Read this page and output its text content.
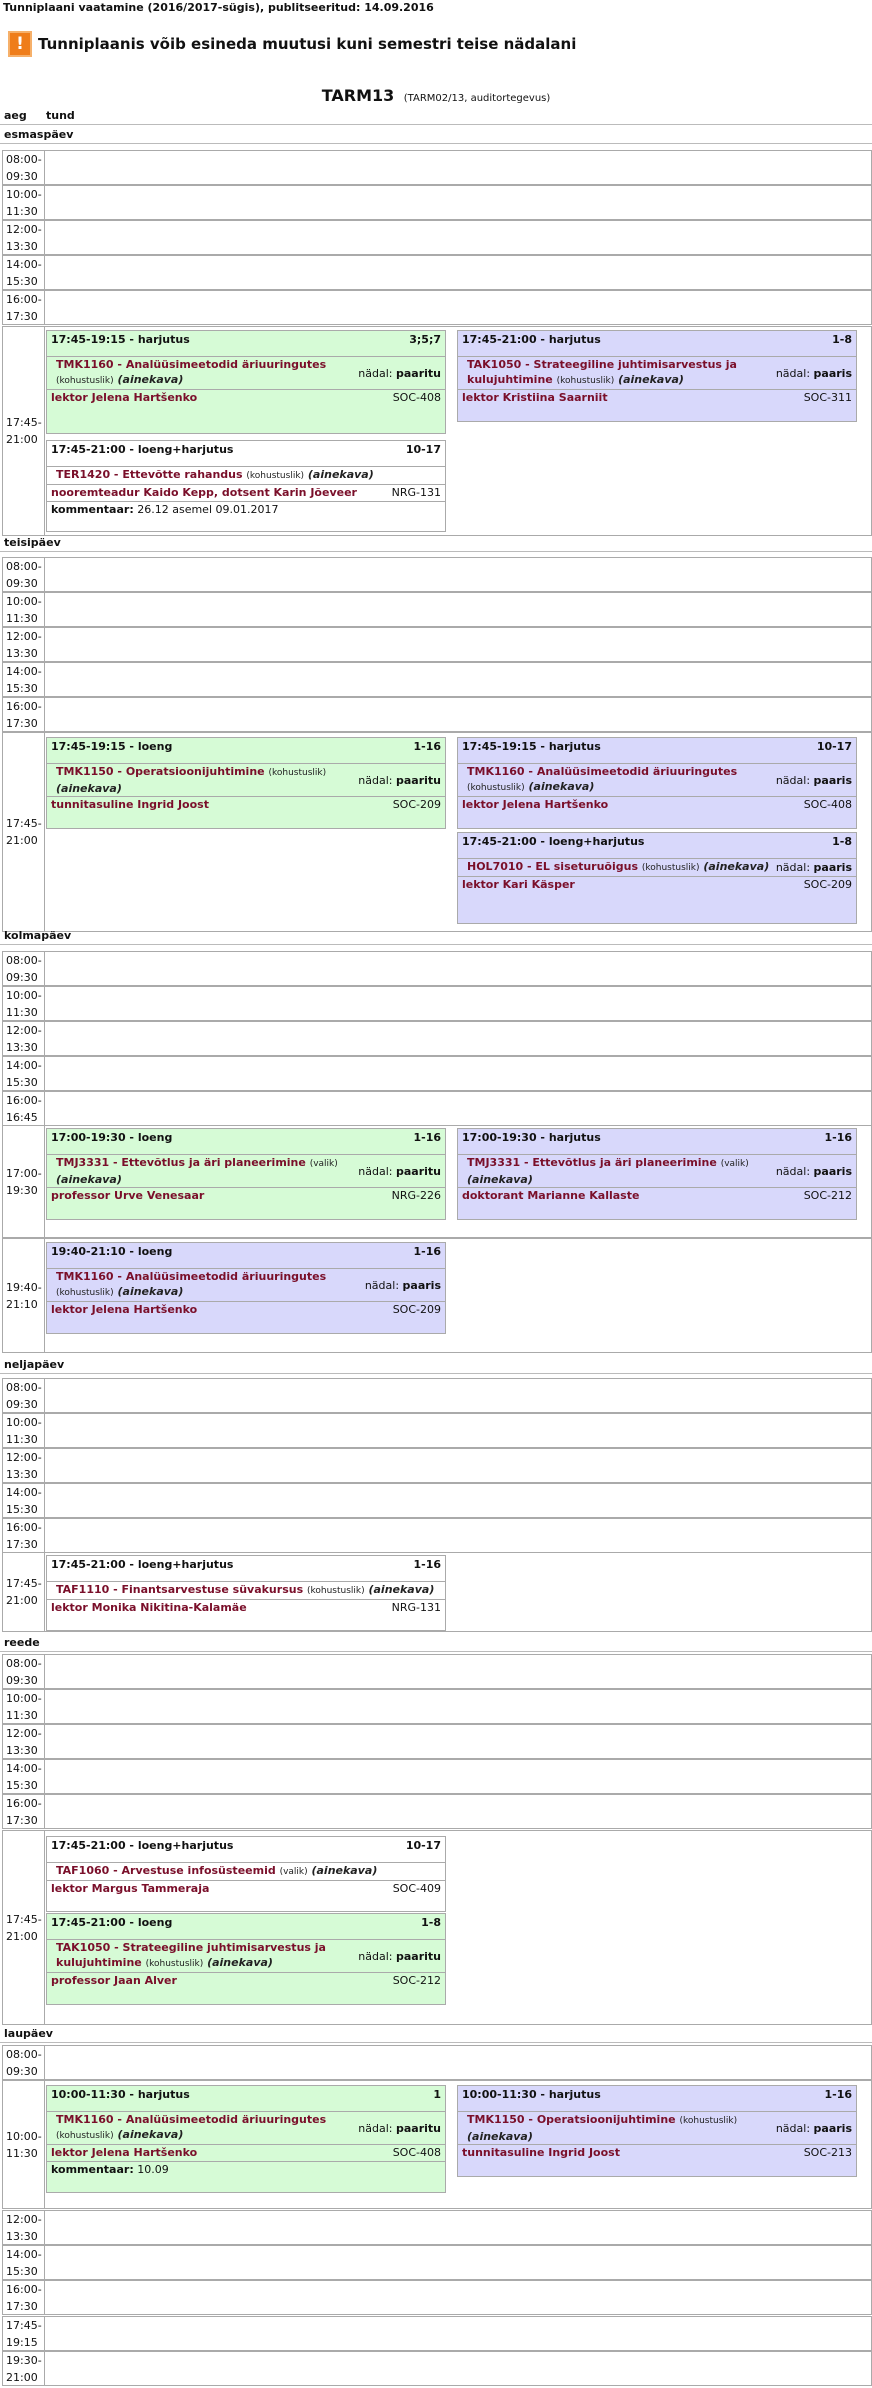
Tunniplaani vaatamine (2016/2017-sügis), publitseeritud: 14.09.2016
! Tunniplaanis võib esineda muutusi kuni semestri teise nädalani
TARM13 (TARM02/13, auditortegevus)
aeg tund
esmaspäev
08:00-
09:30
10:00-
11:30
12:00-
13:30
14:00-
15:30
16:00-
17:30
17:45-
21:00
17:45-19:15 - harjutus	3;5;7
TMK1160 - Analüüsimeetodid äriuuringutes (kohustuslik) (ainekava)	nädal: paaritu
lektor Jelena Hartšenko	SOC-408
17:45-21:00 - harjutus	1-8
TAK1050 - Strateegiline juhtimisarvestus ja kulujuhtimine (kohustuslik) (ainekava)	nädal: paaris
lektor Kristiina Saarniit	SOC-311
17:45-21:00 - loeng+harjutus	10-17
TER1420 - Ettevõtte rahandus (kohustuslik) (ainekava)
nooremteadur Kaido Kepp, dotsent Karin Jõeveer	NRG-131
kommentaar: 26.12 asemel 09.01.2017
teisipäev
08:00-
09:30
10:00-
11:30
12:00-
13:30
14:00-
15:30
16:00-
17:30
17:45-
21:00
17:45-19:15 - loeng	1-16
TMK1150 - Operatsioonijuhtimine (kohustuslik) (ainekava)
nädal: paaritu
tunnitasuline Ingrid Joost	SOC-209
17:45-19:15 - harjutus	10-17
TMK1160 - Analüüsimeetodid äriuuringutes (kohustuslik) (ainekava)	nädal: paaris
lektor Jelena Hartšenko	SOC-408
17:45-21:00 - loeng+harjutus	1-8
HOL7010 - EL siseturuõigus (kohustuslik) (ainekava) nädal: paaris
lektor Kari Käsper	SOC-209
kolmapäev
08:00-
09:30
10:00-
11:30
12:00-
13:30
14:00-
15:30
16:00-
16:45
17:00-
19:30
17:00-19:30 - loeng	1-16
TMJ3331 - Ettevõtlus ja äri planeerimine (valik) (ainekava)
nädal: paaritu
professor Urve Venesaar	NRG-226
17:00-19:30 - harjutus	1-16
TMJ3331 - Ettevõtlus ja äri planeerimine (valik) (ainekava)
nädal: paaris
doktorant Marianne Kallaste	SOC-212
19:40-
21:10
19:40-21:10 - loeng	1-16
TMK1160 - Analüüsimeetodid äriuuringutes (kohustuslik) (ainekava)	nädal: paaris
lektor Jelena Hartšenko	SOC-209
neljapäev
08:00-
09:30
10:00-
11:30
12:00-
13:30
14:00-
15:30
16:00-
17:30
17:45-
21:00
17:45-21:00 - loeng+harjutus	1-16
TAF1110 - Finantsarvestuse süvakursus (kohustuslik) (ainekava)
lektor Monika Nikitina-Kalamäe	NRG-131
reede
08:00-
09:30
10:00-
11:30
12:00-
13:30
14:00-
15:30
16:00-
17:30
17:45-
21:00
17:45-21:00 - loeng+harjutus	10-17
TAF1060 - Arvestuse infosüsteemid (valik) (ainekava)
lektor Margus Tammeraja	SOC-409
17:45-21:00 - loeng	1-8
TAK1050 - Strateegiline juhtimisarvestus ja kulujuhtimine (kohustuslik) (ainekava)	nädal: paaritu
professor Jaan Alver	SOC-212
laupäev
08:00-
09:30
10:00-
11:30
10:00-11:30 - harjutus	1
TMK1160 - Analüüsimeetodid äriuuringutes (kohustuslik) (ainekava)	nädal: paaritu
lektor Jelena Hartšenko	SOC-408
kommentaar: 10.09
10:00-11:30 - harjutus	1-16
TMK1150 - Operatsioonijuhtimine (kohustuslik) (ainekava)
nädal: paaris
tunnitasuline Ingrid Joost	SOC-213
12:00-
13:30
14:00-
15:30
16:00-
17:30
17:45-
19:15
19:30-
21:00
